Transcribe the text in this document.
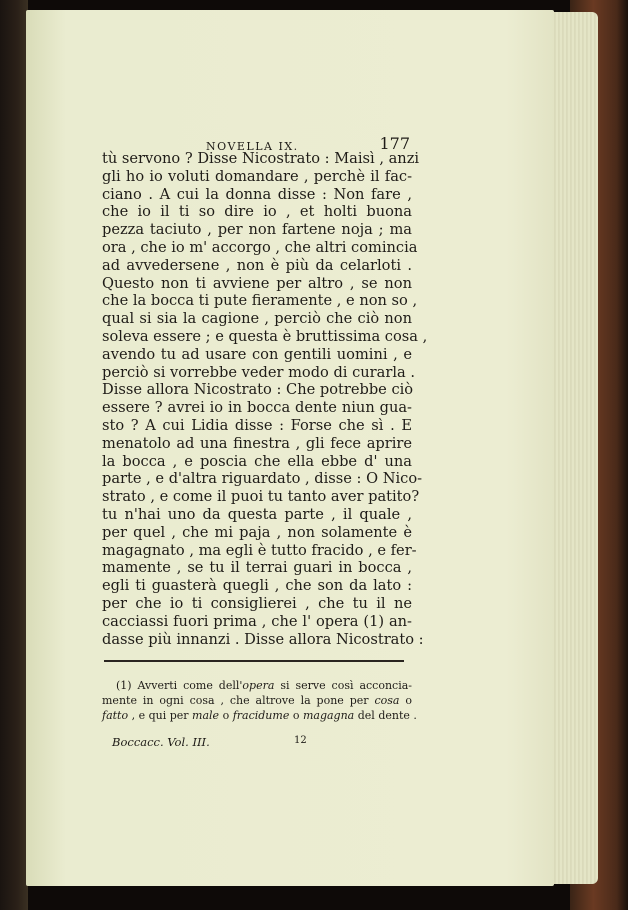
NOVELLA IX.	177
tù servono ? Disse Nicostrato : Maisì , anzi
gli ho io voluti domandare , perchè il fac-
ciano . A cui la donna disse : Non fare ,
che io il ti so dire io , et holti buona
pezza taciuto , per non fartene noja ; ma
ora , che io m' accorgo , che altri comincia
ad avvedersene , non è più da celarloti .
Questo non ti avviene per altro , se non
che la bocca ti pute fieramente , e non so ,
qual si sia la cagione , perciò che ciò non
soleva essere ; e questa è bruttissima cosa ,
avendo tu ad usare con gentili uomini , e
perciò si vorrebbe veder modo di curarla .
Disse allora Nicostrato : Che potrebbe ciò
essere ? avrei io in bocca dente niun gua-
sto ? A cui Lidia disse : Forse che sì . E
menatolo ad una finestra , gli fece aprire
la bocca , e poscia che ella ebbe d' una
parte , e d'altra riguardato , disse : O Nico-
strato , e come il puoi tu tanto aver patito?
tu n'hai uno da questa parte , il quale ,
per quel , che mi paja , non solamente è
magagnato , ma egli è tutto fracido , e fer-
mamente , se tu il terrai guari in bocca ,
egli ti guasterà quegli , che son da lato :
per che io ti consiglierei , che tu il ne
cacciassi fuori prima , che l' opera (1) an-
dasse più innanzi . Disse allora Nicostrato :
(1) Avverti come dell'opera si serve così acconcia-
mente in ogni cosa , che altrove la pone per cosa o
fatto , e qui per male o fracidume o magagna del dente .
Boccacc. Vol. III.	12
